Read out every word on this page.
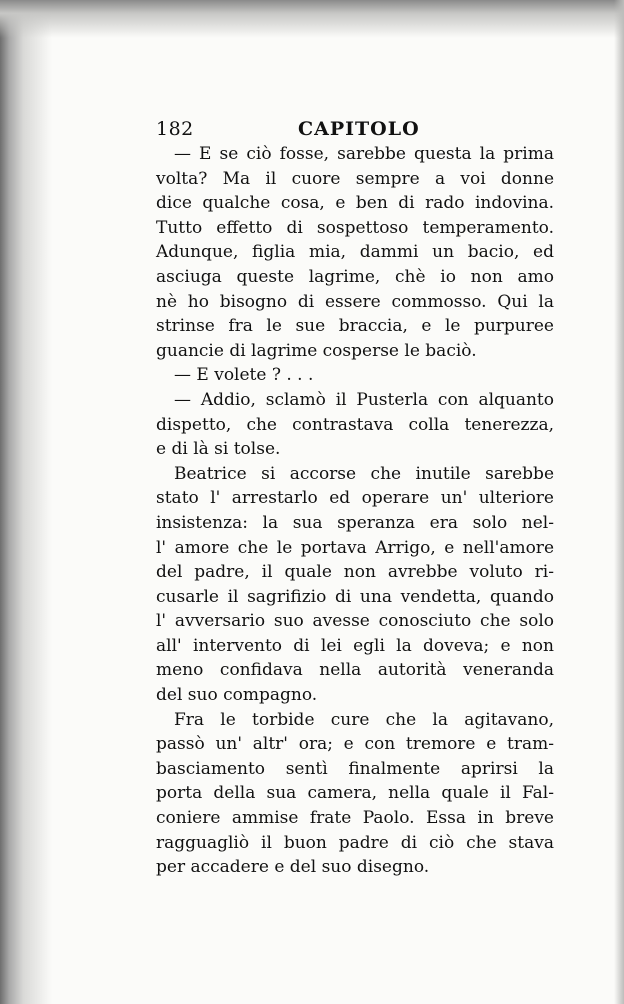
182	CAPITOLO
— E se ciò fosse, sarebbe questa la prima
volta? Ma il cuore sempre a voi donne
dice qualche cosa, e ben di rado indovina.
Tutto effetto di sospettoso temperamento.
Adunque, figlia mia, dammi un bacio, ed
asciuga queste lagrime, chè io non amo
nè ho bisogno di essere commosso. Qui la
strinse fra le sue braccia, e le purpuree
guancie di lagrime cosperse le baciò.
— E volete ? . . .
— Addio, sclamò il Pusterla con alquanto
dispetto, che contrastava colla tenerezza,
e di là si tolse.
Beatrice si accorse che inutile sarebbe
stato l' arrestarlo ed operare un' ulteriore
insistenza: la sua speranza era solo nel-
l' amore che le portava Arrigo, e nell'amore
del padre, il quale non avrebbe voluto ri-
cusarle il sagrifizio di una vendetta, quando
l' avversario suo avesse conosciuto che solo
all' intervento di lei egli la doveva; e non
meno confidava nella autorità veneranda
del suo compagno.
Fra le torbide cure che la agitavano,
passò un' altr' ora; e con tremore e tram-
basciamento sentì finalmente aprirsi la
porta della sua camera, nella quale il Fal-
coniere ammise frate Paolo. Essa in breve
ragguagliò il buon padre di ciò che stava
per accadere e del suo disegno.
